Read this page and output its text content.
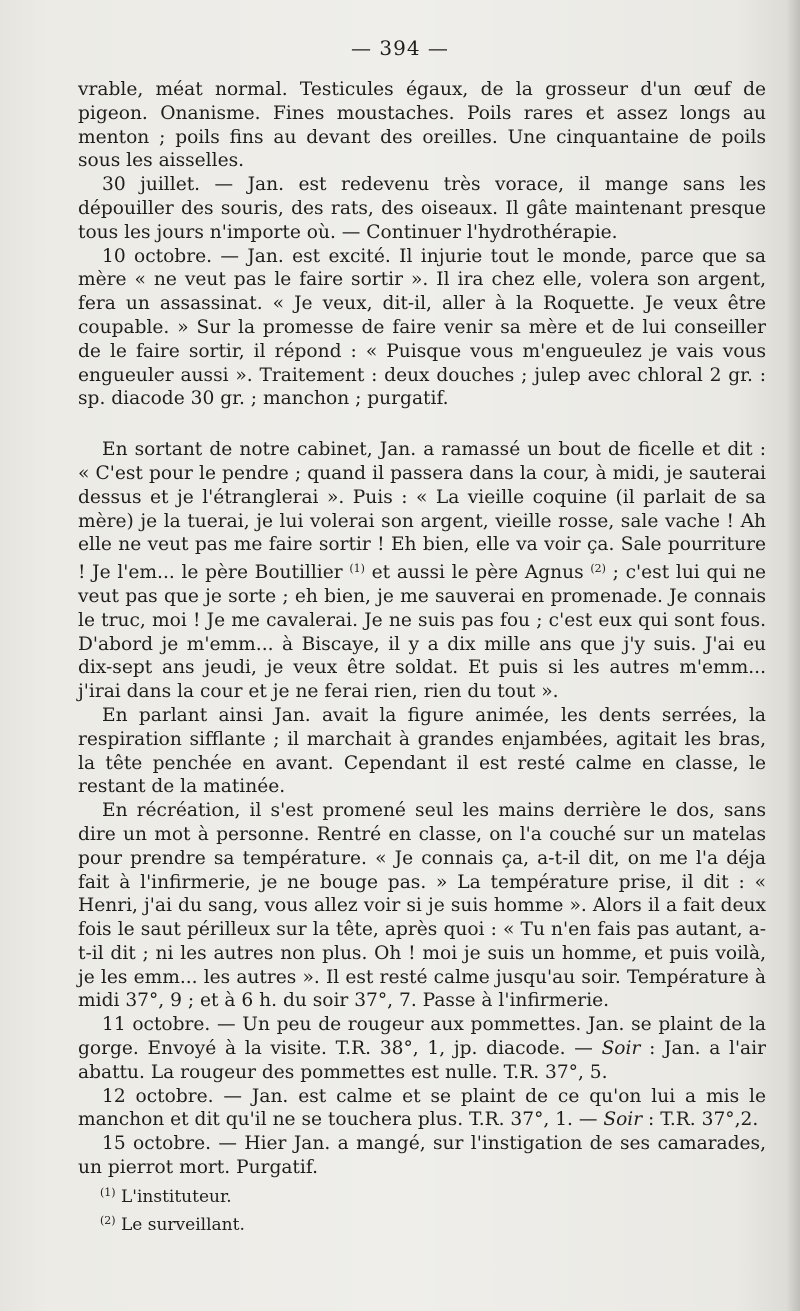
— 394 —

vrable, méat normal. Testicules égaux, de la grosseur d'un œuf de pigeon. Onanisme. Fines moustaches. Poils rares et assez longs au menton ; poils fins au devant des oreilles. Une cinquantaine de poils sous les aisselles.

30 juillet. — Jan. est redevenu très vorace, il mange sans les dépouiller des souris, des rats, des oiseaux. Il gâte maintenant presque tous les jours n'importe où. — Continuer l'hydrothérapie.

10 octobre. — Jan. est excité. Il injurie tout le monde, parce que sa mère « ne veut pas le faire sortir ». Il ira chez elle, volera son argent, fera un assassinat. « Je veux, dit-il, aller à la Roquette. Je veux être coupable. » Sur la promesse de faire venir sa mère et de lui conseiller de le faire sortir, il répond : « Puisque vous m'engueulez je vais vous engueuler aussi ». Traitement : deux douches ; julep avec chloral 2 gr. : sp. diacode 30 gr. ; manchon ; purgatif.

En sortant de notre cabinet, Jan. a ramassé un bout de ficelle et dit : « C'est pour le pendre ; quand il passera dans la cour, à midi, je sauterai dessus et je l'étranglerai ». Puis : « La vieille coquine (il parlait de sa mère) je la tuerai, je lui volerai son argent, vieille rosse, sale vache ! Ah elle ne veut pas me faire sortir ! Eh bien, elle va voir ça. Sale pourriture ! Je l'em... le père Boutillier $^{(1)}$ et aussi le père Agnus $^{(2)}$ ; c'est lui qui ne veut pas que je sorte ; eh bien, je me sauverai en promenade. Je connais le truc, moi ! Je me cavalerai. Je ne suis pas fou ; c'est eux qui sont fous. D'abord je m'emm... à Biscaye, il y a dix mille ans que j'y suis. J'ai eu dix-sept ans jeudi, je veux être soldat. Et puis si les autres m'emm... j'irai dans la cour et je ne ferai rien, rien du tout ».

En parlant ainsi Jan. avait la figure animée, les dents serrées, la respiration sifflante ; il marchait à grandes enjambées, agitait les bras, la tête penchée en avant. Cependant il est resté calme en classe, le restant de la matinée.

En récréation, il s'est promené seul les mains derrière le dos, sans dire un mot à personne. Rentré en classe, on l'a couché sur un matelas pour prendre sa température. « Je connais ça, a-t-il dit, on me l'a déja fait à l'infirmerie, je ne bouge pas. » La température prise, il dit : « Henri, j'ai du sang, vous allez voir si je suis homme ». Alors il a fait deux fois le saut périlleux sur la tête, après quoi : « Tu n'en fais pas autant, a-t-il dit ; ni les autres non plus. Oh ! moi je suis un homme, et puis voilà, je les emm... les autres ». Il est resté calme jusqu'au soir. Température à midi 37°, 9 ; et à 6 h. du soir 37°, 7. Passe à l'infirmerie.

11 octobre. — Un peu de rougeur aux pommettes. Jan. se plaint de la gorge. Envoyé à la visite. T.R. 38°, 1, jp. diacode. — Soir : Jan. a l'air abattu. La rougeur des pommettes est nulle. T.R. 37°, 5.

12 octobre. — Jan. est calme et se plaint de ce qu'on lui a mis le manchon et dit qu'il ne se touchera plus. T.R. 37°, 1. — Soir : T.R. 37°,2.

15 octobre. — Hier Jan. a mangé, sur l'instigation de ses camarades, un pierrot mort. Purgatif.

$^{(1)}$ L'instituteur.
$^{(2)}$ Le surveillant.
